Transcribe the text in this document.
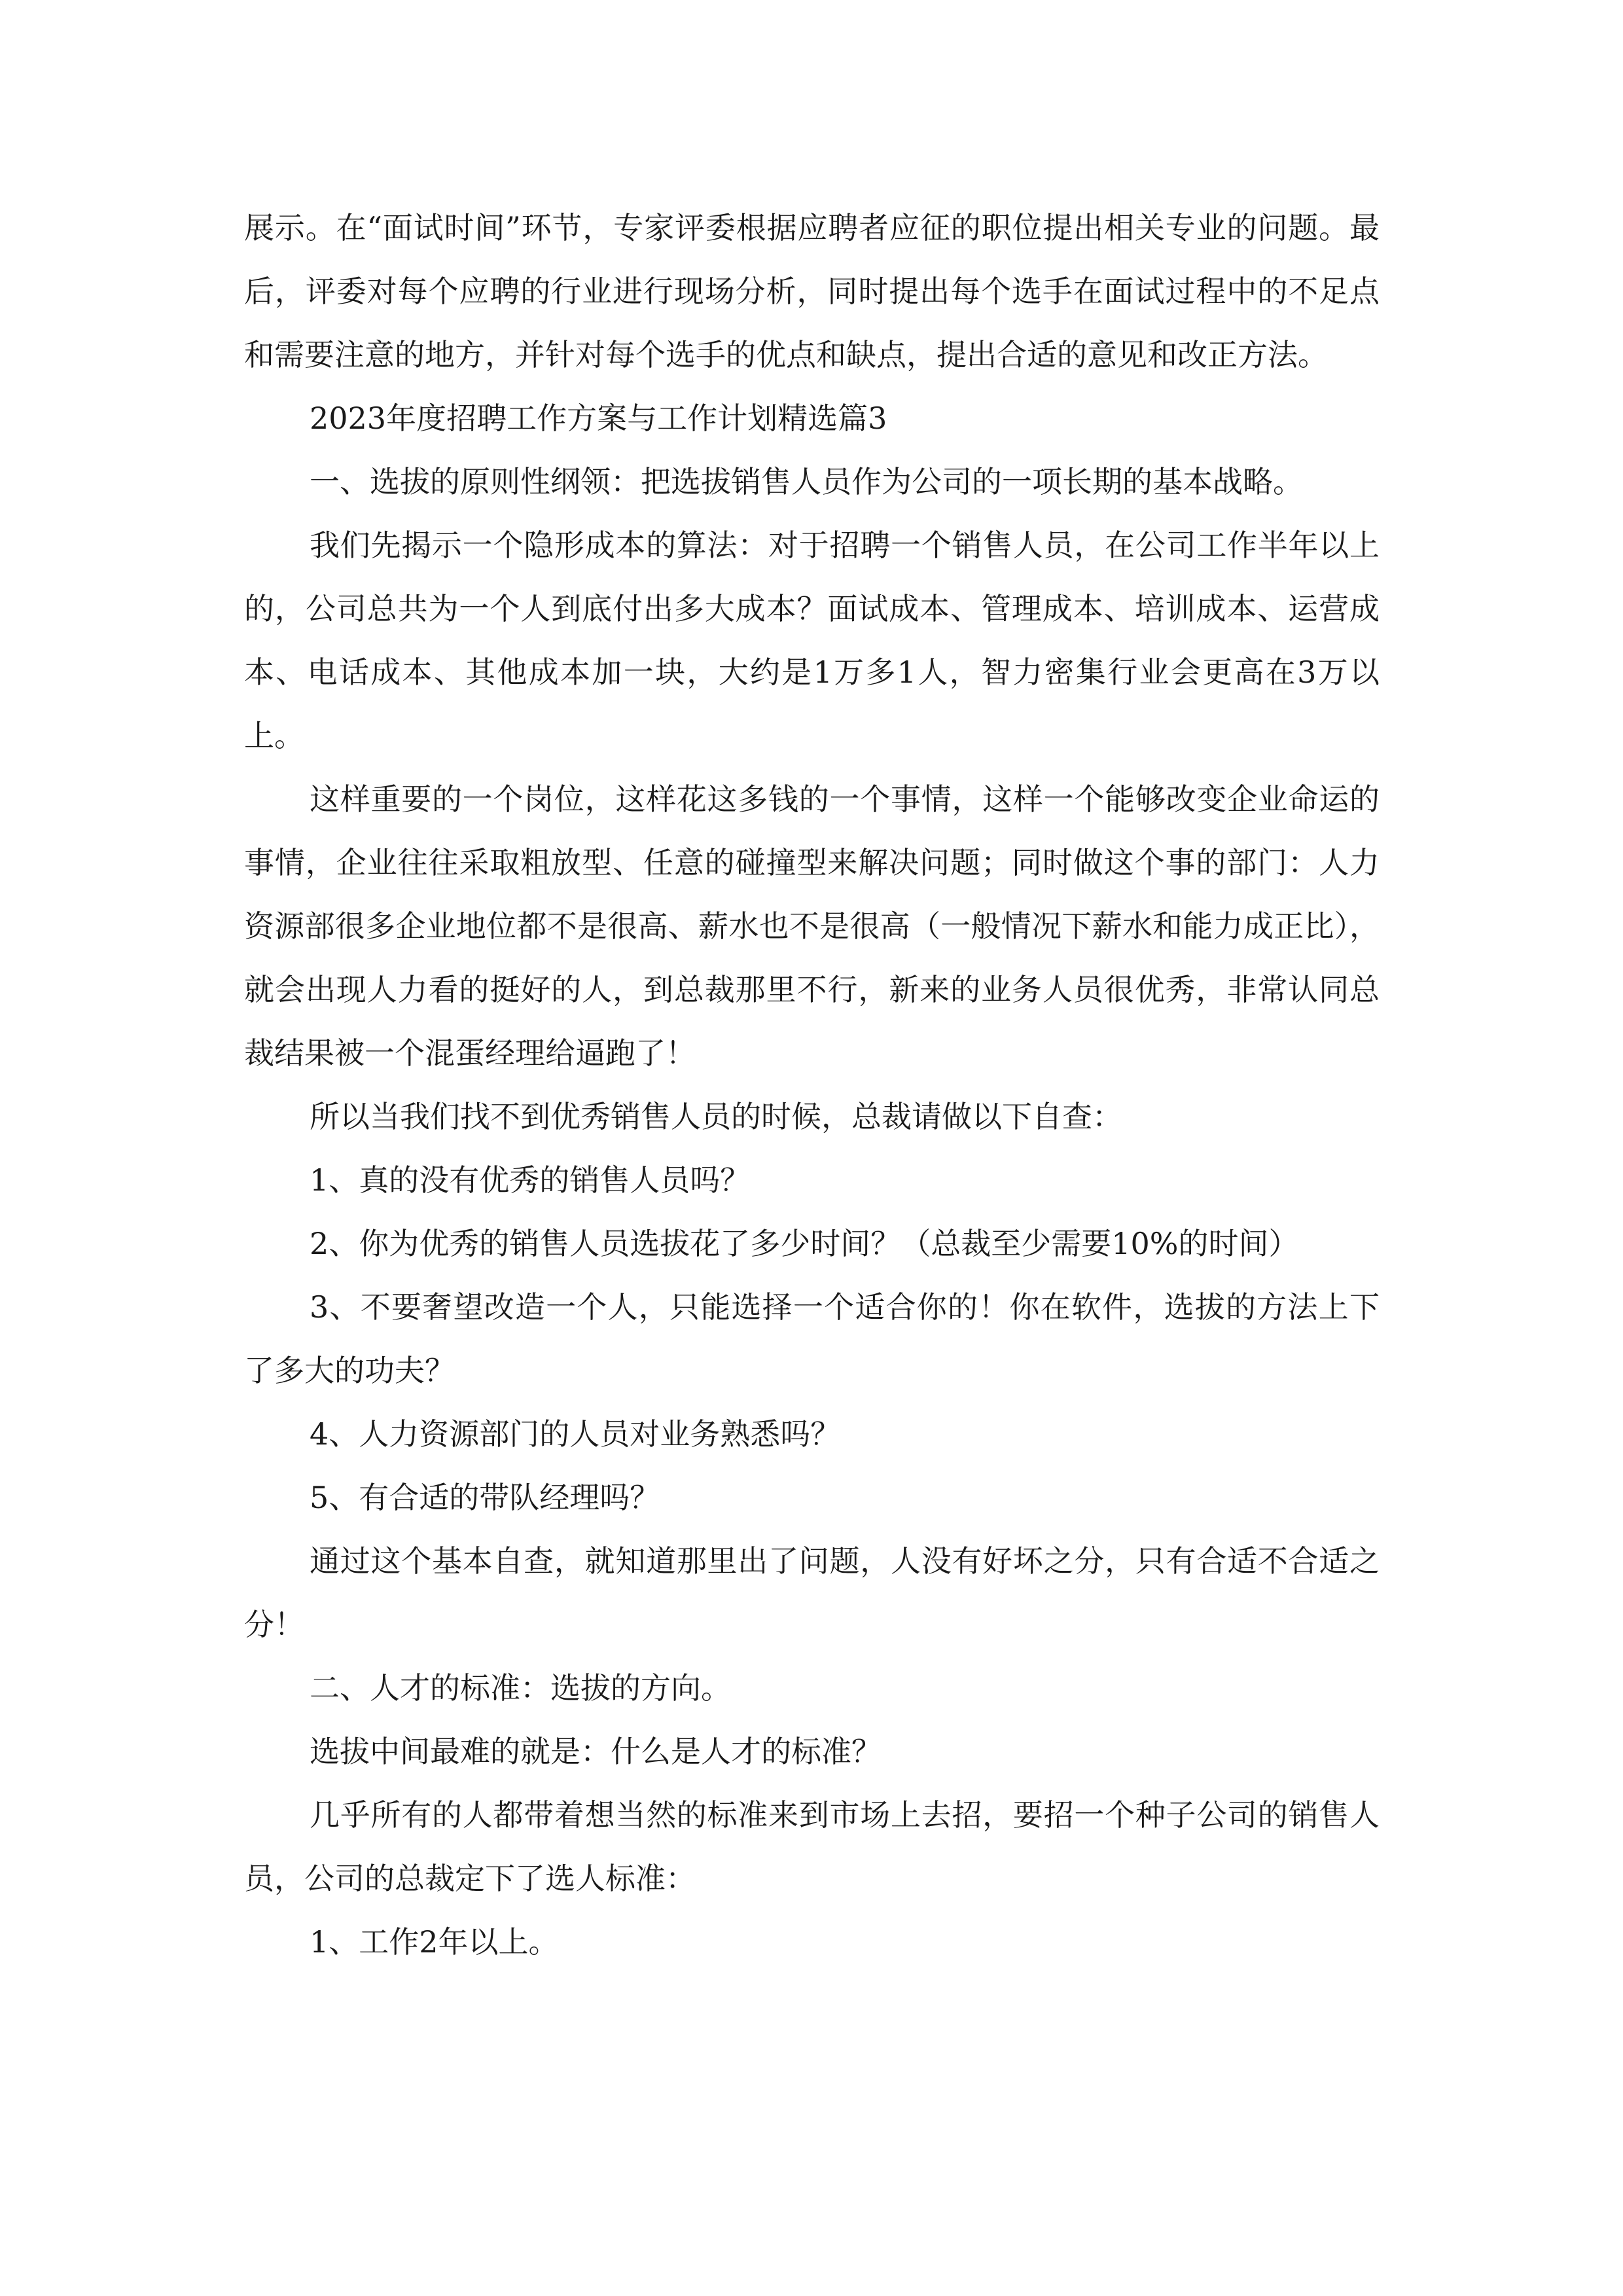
展示。在“面试时间”环节，专家评委根据应聘者应征的职位提出相关专业的问题。最后，评委对每个应聘的行业进行现场分析，同时提出每个选手在面试过程中的不足点和需要注意的地方，并针对每个选手的优点和缺点，提出合适的意见和改正方法。

2023年度招聘工作方案与工作计划精选篇3

一、选拔的原则性纲领：把选拔销售人员作为公司的一项长期的基本战略。

我们先揭示一个隐形成本的算法：对于招聘一个销售人员，在公司工作半年以上的，公司总共为一个人到底付出多大成本？面试成本、管理成本、培训成本、运营成本、电话成本、其他成本加一块，大约是1万多1人，智力密集行业会更高在3万以上。

这样重要的一个岗位，这样花这多钱的一个事情，这样一个能够改变企业命运的事情，企业往往采取粗放型、任意的碰撞型来解决问题；同时做这个事的部门：人力资源部很多企业地位都不是很高、薪水也不是很高（一般情况下薪水和能力成正比），就会出现人力看的挺好的人，到总裁那里不行，新来的业务人员很优秀，非常认同总裁结果被一个混蛋经理给逼跑了！

所以当我们找不到优秀销售人员的时候，总裁请做以下自查：

1、真的没有优秀的销售人员吗？

2、你为优秀的销售人员选拔花了多少时间？（总裁至少需要10%的时间）

3、不要奢望改造一个人，只能选择一个适合你的！你在软件，选拔的方法上下了多大的功夫？

4、人力资源部门的人员对业务熟悉吗？

5、有合适的带队经理吗？

通过这个基本自查，就知道那里出了问题，人没有好坏之分，只有合适不合适之分！

二、人才的标准：选拔的方向。

选拔中间最难的就是：什么是人才的标准？

几乎所有的人都带着想当然的标准来到市场上去招，要招一个种子公司的销售人员，公司的总裁定下了选人标准：

1、工作2年以上。
